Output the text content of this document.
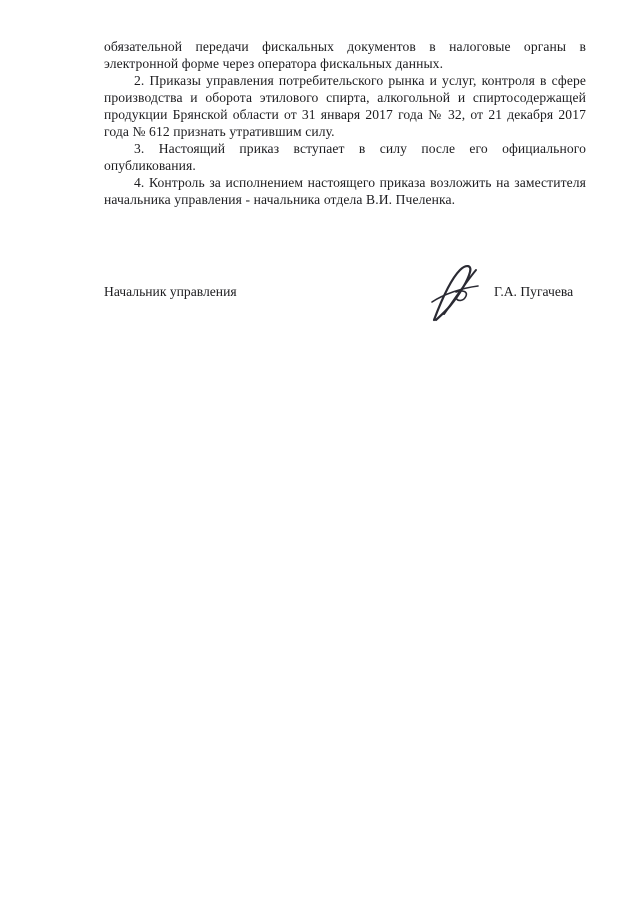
обязательной передачи фискальных документов в налоговые органы в электронной форме через оператора фискальных данных.

2. Приказы управления потребительского рынка и услуг, контроля в сфере производства и оборота этилового спирта, алкогольной и спиртосодержащей продукции Брянской области от 31 января 2017 года № 32, от 21 декабря 2017 года № 612 признать утратившим силу.

3. Настоящий приказ вступает в силу после его официального опубликования.

4. Контроль за исполнением настоящего приказа возложить на заместителя начальника управления - начальника отдела В.И. Пчеленка.

Начальник управления	Г.А. Пугачева
